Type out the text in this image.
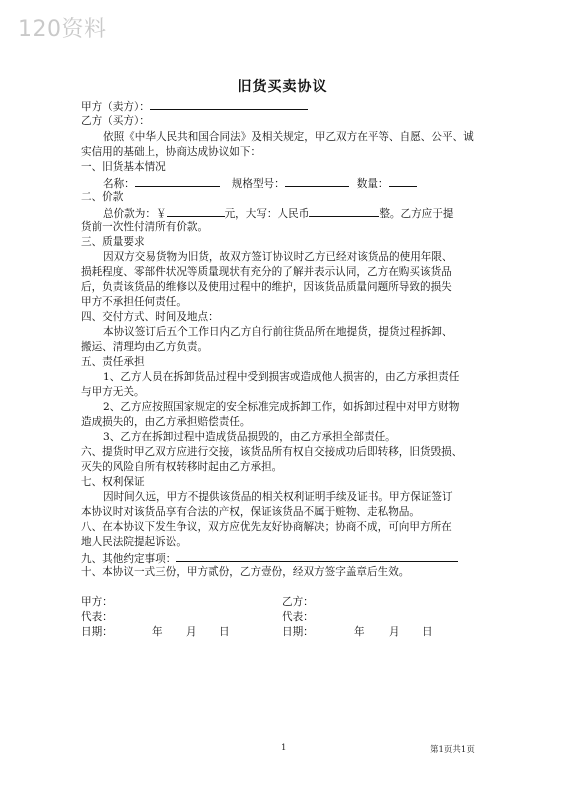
120资料
旧货买卖协议
甲方（卖方）：
乙方（买方）：
依照《中华人民共和国合同法》及相关规定，甲乙双方在平等、自愿、公平、诚
实信用的基础上，协商达成协议如下：
一、旧货基本情况
名称：	规格型号：	数量：
二、价款
总价款为：￥	元，大写：人民币	整。乙方应于提
货前一次性付清所有价款。
三、质量要求
因双方交易货物为旧货，故双方签订协议时乙方已经对该货品的使用年限、
损耗程度、零部件状况等质量现状有充分的了解并表示认同，乙方在购买该货品
后，负责该货品的维修以及使用过程中的维护，因该货品质量问题所导致的损失
甲方不承担任何责任。
四、交付方式、时间及地点：
本协议签订后五个工作日内乙方自行前往货品所在地提货，提货过程拆卸、
搬运、清理均由乙方负责。
五、责任承担
1、乙方人员在拆卸货品过程中受到损害或造成他人损害的，由乙方承担责任
与甲方无关。
2、乙方应按照国家规定的安全标准完成拆卸工作，如拆卸过程中对甲方财物
造成损失的，由乙方承担赔偿责任。
3、乙方在拆卸过程中造成货品损毁的，由乙方承担全部责任。
六、提货时甲乙双方应进行交接，该货品所有权自交接成功后即转移，旧货毁损、
灭失的风险自所有权转移时起由乙方承担。
七、权利保证
因时间久远，甲方不提供该货品的相关权利证明手续及证书。甲方保证签订
本协议时对该货品享有合法的产权，保证该货品不属于赃物、走私物品。
八、在本协议下发生争议，双方应优先友好协商解决；协商不成，可向甲方所在
地人民法院提起诉讼。
九、其他约定事项：
十、本协议一式三份，甲方贰份，乙方壹份，经双方签字盖章后生效。
甲方：	乙方：
代表：	代表：
日期：	年 月 日	日期：	年 月 日
1	第1页共1页
